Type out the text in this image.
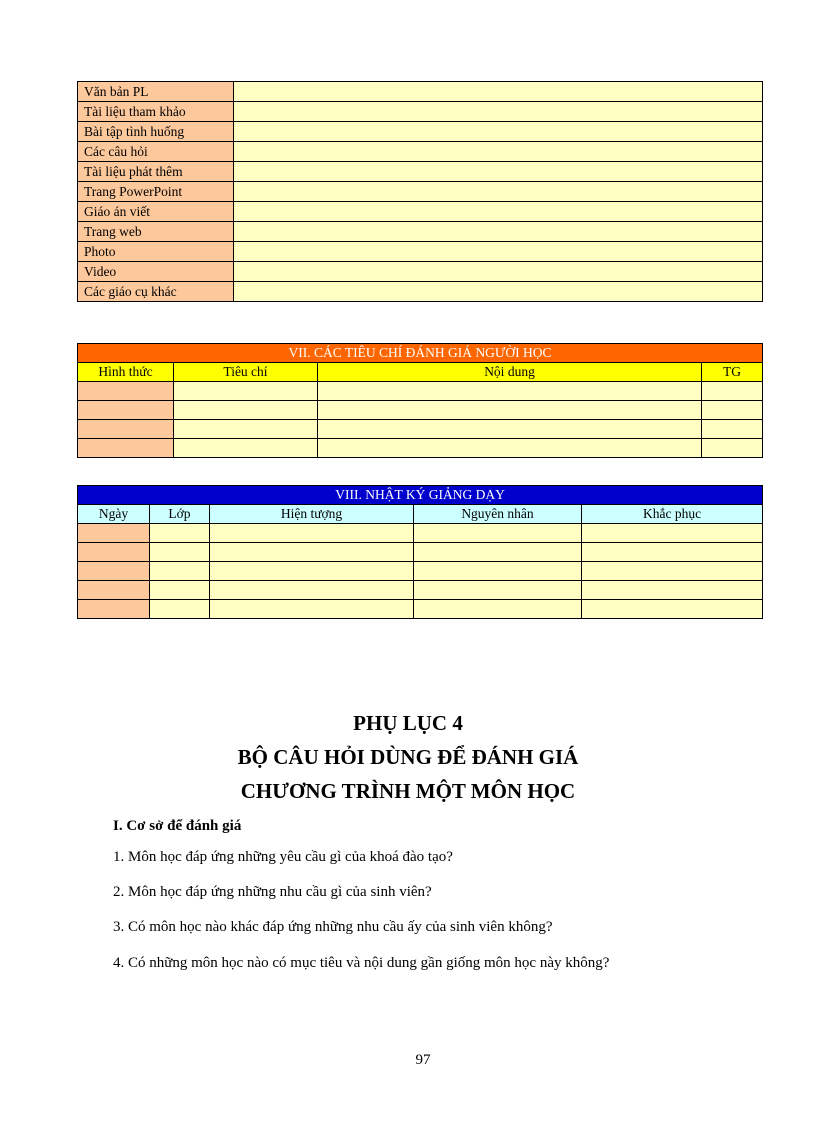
Văn bản PL	
Tài liệu tham khảo	
Bài tập tình huống	
Các câu hỏi	
Tài liệu phát thêm	
Trang PowerPoint	
Giáo án viết	
Trang web	
Photo	
Video	
Các giáo cụ khác	
VII. CÁC TIÊU CHÍ ĐÁNH GIÁ NGƯỜI HỌC			
Hình thức	Tiêu chí	Nội dung	TG

VIII. NHẬT KÝ GIẢNG DẠY				
Ngày	Lớp	Hiện tượng	Nguyên nhân	Khắc phục

PHỤ LỤC 4
BỘ CÂU HỎI DÙNG ĐỂ ĐÁNH GIÁ
CHƯƠNG TRÌNH MỘT MÔN HỌC
I. Cơ sở để đánh giá
1. Môn học đáp ứng những yêu cầu gì của khoá đào tạo?
2. Môn học đáp ứng những nhu cầu gì của sinh viên?
3. Có môn học nào khác đáp ứng những nhu cầu ấy của sinh viên không?
4. Có những môn học nào có mục tiêu và nội dung gần giống môn học này không?
97
